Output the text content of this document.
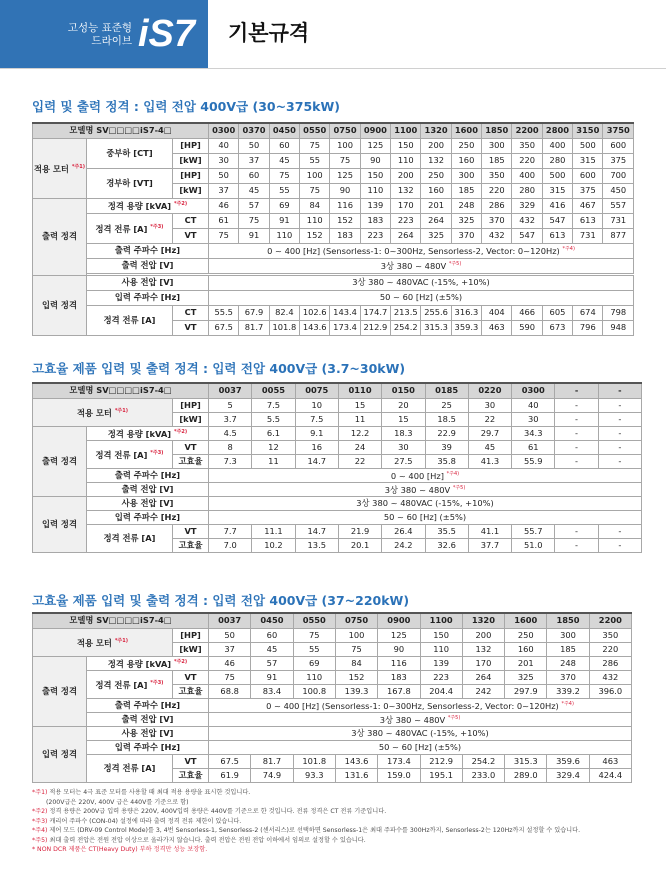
고성능 표준형
드라이브 iS7 기본규격
입력 및 출력 정격 : 입력 전압 400V급 (30~375kW)
모델명 SV□□□□iS7-4□			0300	0370	0450	0550	0750	0900	1100	1320	1600	1850	2200	2800	3150	3750
적용 모터 $^{*주1)}$	중부하 [CT]	[HP]	40	50	60	75	100	125	150	200	250	300	350	400	500	600
		[kW]	30	37	45	55	75	90	110	132	160	185	220	280	315	375
	경부하 [VT]	[HP]	50	60	75	100	125	150	200	250	300	350	400	500	600	700
		[kW]	37	45	55	75	90	110	132	160	185	220	280	315	375	450
출력 정격	정격 용량 [kVA] $^{*주2)}$		46	57	69	84	116	139	170	201	248	286	329	416	467	557
	정격 전류 [A] $^{*주3)}$	CT	61	75	91	110	152	183	223	264	325	370	432	547	613	731
		VT	75	91	110	152	183	223	264	325	370	432	547	613	731	877
	출력 주파수 [Hz]		0 ~ 400 [Hz] (Sensorless-1: 0~300Hz, Sensorless-2, Vector: 0~120Hz) $^{*주4)}$
	출력 전압 [V]		3상 380 ~ 480V $^{*주5)}$

입력 정격	사용 전압 [V]		3상 380 ~ 480VAC (-15%, +10%)													
	입력 주파수 [Hz]		50 ~ 60 [Hz] (±5%)													
	정격 전류 [A]	CT	55.5	67.9	82.4	102.6	143.4	174.7	213.5	255.6	316.3	404	466	605	674	798
		VT	67.5	81.7	101.8	143.6	173.4	212.9	254.2	315.3	359.3	463	590	673	796	948
고효율 제품 입력 및 출력 정격 : 입력 전압 400V급 (3.7~30kW)
모델명 SV□□□□iS7-4□			0037	0055	0075	0110	0150	0185	0220	0300	-	-
적용 모터 $^{*주1)}$		[HP]	5	7.5	10	15	20	25	30	40	-	-
		[kW]	3.7	5.5	7.5	11	15	18.5	22	30	-	-
출력 정격	정격 용량 [kVA] $^{*주2)}$		4.5	6.1	9.1	12.2	18.3	22.9	29.7	34.3	-	-
	정격 전류 [A] $^{*주3)}$	VT	8	12	16	24	30	39	45	61	-	-
		고효율	7.3	11	14.7	22	27.5	35.8	41.3	55.9	-	-
	출력 주파수 [Hz]		0 ~ 400 [Hz] $^{*주4)}$
	출력 전압 [V]		3상 380 ~ 480V $^{*주5)}$
입력 정격	사용 전압 [V]		3상 380 ~ 480VAC (-15%, +10%)									
	입력 주파수 [Hz]		50 ~ 60 [Hz] (±5%)									
	정격 전류 [A]	VT	7.7	11.1	14.7	21.9	26.4	35.5	41.1	55.7	-	-
		고효율	7.0	10.2	13.5	20.1	24.2	32.6	37.7	51.0	-	-
고효율 제품 입력 및 출력 정격 : 입력 전압 400V급 (37~220kW)
모델명 SV□□□□iS7-4□			0037	0450	0550	0750	0900	1100	1320	1600	1850	2200
적용 모터 $^{*주1)}$		[HP]	50	60	75	100	125	150	200	250	300	350
		[kW]	37	45	55	75	90	110	132	160	185	220
출력 정격	정격 용량 [kVA] $^{*주2)}$		46	57	69	84	116	139	170	201	248	286
	정격 전류 [A] $^{*주3)}$	VT	75	91	110	152	183	223	264	325	370	432
		고효율	68.8	83.4	100.8	139.3	167.8	204.4	242	297.9	339.2	396.0
	출력 주파수 [Hz]		0 ~ 400 [Hz] (Sensorless-1: 0~300Hz, Sensorless-2, Vector: 0~120Hz) $^{*주4)}$
	출력 전압 [V]		3상 380 ~ 480V $^{*주5)}$
입력 정격	사용 전압 [V]		3상 380 ~ 480VAC (-15%, +10%)									
	입력 주파수 [Hz]		50 ~ 60 [Hz] (±5%)									
	정격 전류 [A]	VT	67.5	81.7	101.8	143.6	173.4	212.9	254.2	315.3	359.6	463
		고효율	61.9	74.9	93.3	131.6	159.0	195.1	233.0	289.0	329.4	424.4
*주1) 적용 모터는 4극 표준 모터를 사용할 때 최대 적용 용량을 표시한 것입니다.
(200V급은 220V, 400V 급은 440V를 기준으로 함)
*주2) 정격 용량은 200V급 입력 용량은 220V, 400V입력 용량은 440V를 기준으로 한 것입니다. 전류 정격은 CT 전류 기준입니다.
*주3) 캐리어 주파수 (CON-04) 설정에 따라 출력 정격 전류 제한이 있습니다.
*주4) 제어 모드 (DRV-09 Control Mode)를 3, 4번 Sensorless-1, Sensorless-2 (센서리스)로 선택하면 Sensorless-1은 최대 주파수를 300Hz까지, Sensorless-2는 120Hz까지 설정할 수 있습니다.
*주5) 최대 출력 전압은 전원 전압 이상으로 올라가지 않습니다. 출력 전압은 전원 전압 이하에서 임의로 설정할 수 있습니다.
* NON DCR 제품은 CT(Heavy Duty) 부하 정격만 성능 보장함.
